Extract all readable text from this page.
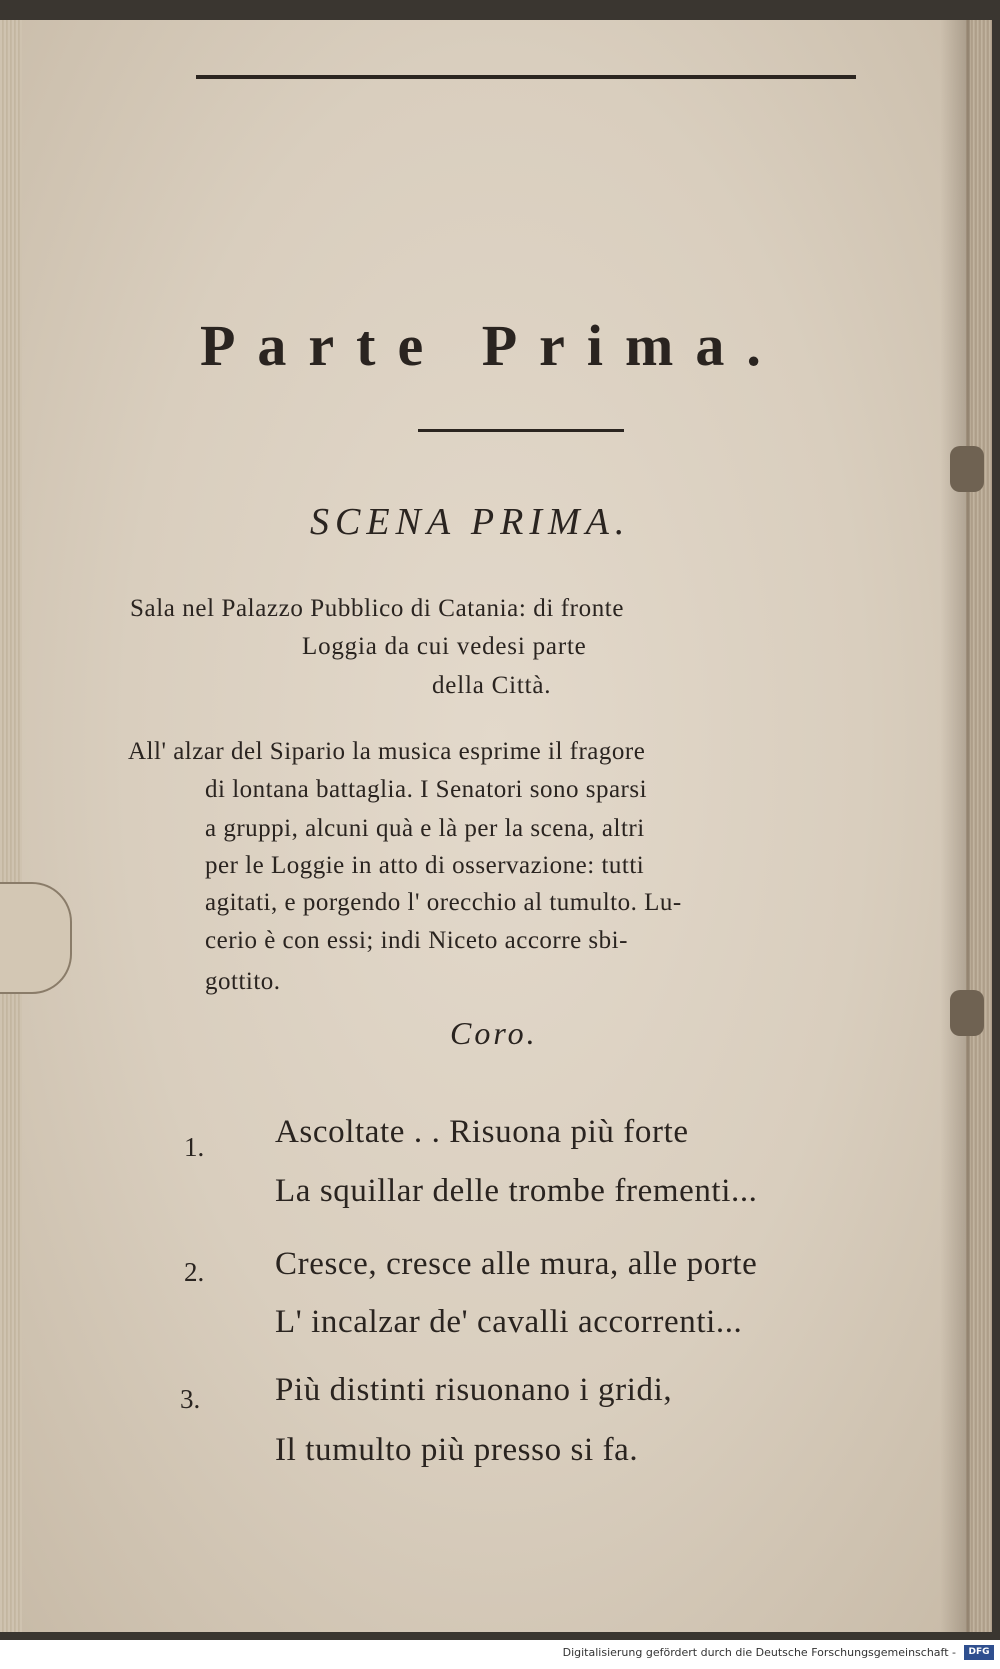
Parte Prima.
SCENA PRIMA.
Sala nel Palazzo Pubblico di Catania: di fronte
Loggia da cui vedesi parte
della Città.
All' alzar del Sipario la musica esprime il fragore
di lontana battaglia. I Senatori sono sparsi
a gruppi, alcuni quà e là per la scena, altri
per le Loggie in atto di osservazione: tutti
agitati, e porgendo l' orecchio al tumulto. Lu-
cerio è con essi; indi Niceto accorre sbi-
gottito.
Coro.
1. Ascoltate . . Risuona più forte
La squillar delle trombe frementi...
2. Cresce, cresce alle mura, alle porte
L' incalzar de' cavalli accorrenti...
3. Più distinti risuonano i gridi,
Il tumulto più presso si fa.
Digitalisierung gefördert durch die Deutsche Forschungsgemeinschaft -	DFG
